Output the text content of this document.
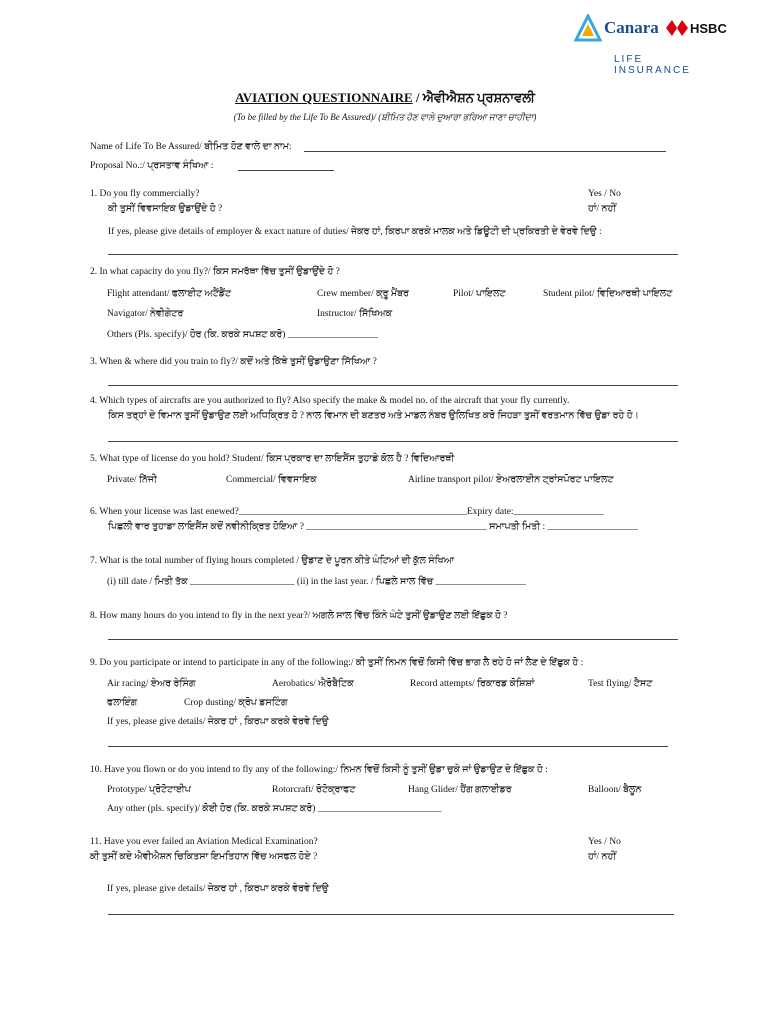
Canara HSBC
LIFE INSURANCE
AVIATION QUESTIONNAIRE / ਐਵੀਐਸ਼ਨ ਪ੍ਰਸ਼ਨਾਵਲੀ
(To be filled by the Life To Be Assured)/ (ਬੀਮਿਤ ਹੋਣ ਵਾਲੇ ਦੁਆਰਾ ਭਰਿਆ ਜਾਣਾ ਚਾਹੀਦਾ)
Name of Life To Be Assured/ ਬੀਮਿਤ ਹੋਣ ਵਾਲੇ ਦਾ ਨਾਮ:
Proposal No.:/ ਪ੍ਰਸਤਾਵ ਸੰਖਿਆ :
1. Do you fly commercially?	Yes / No
ਕੀ ਤੁਸੀਂ ਵਿਵਸਾਇਕ ਉਡਾਉਂਦੇ ਹੋ ?	ਹਾਂ/ ਨਹੀਂ
If yes, please give details of employer & exact nature of duties/ ਜੇਕਰ ਹਾਂ, ਕਿਰਪਾ ਕਰਕੇ ਮਾਲਕ ਅਤੇ ਡਿਊਟੀ ਦੀ ਪ੍ਰਕਿਰਤੀ ਦੇ ਵੇਰਵੇ ਦਿਉ :
2. In what capacity do you fly?/ ਕਿਸ ਸਮਰੱਥਾ ਵਿੱਚ ਤੁਸੀਂ ਉਡਾਉਂਦੇ ਹੋ ?
Flight attendant/ ਫਲਾਈਟ ਅਟੈਂਡੈਂਟ	Crew member/ ਕ੍ਰੂ ਮੈਂਬਰ	Pilot/ ਪਾਇਲਟ	Student pilot/ ਵਿਦਿਆਰਥੀ ਪਾਇਲਟ
Navigator/ ਨੇਵੀਗੇਟਰ	Instructor/ ਸਿੱਖਿਅਕ
Others (Pls. specify)/ ਹੋਰ (ਕਿ. ਕਰਕੇ ਸਪਸ਼ਟ ਕਰੋ) ___________________
3. When & where did you train to fly?/ ਕਦੋਂ ਅਤੇ ਕਿੱਥੇ ਤੁਸੀਂ ਉਡਾਉਣਾ ਸਿੱਖਿਆ ?
4. Which types of aircrafts are you authorized to fly? Also specify the make & model no. of the aircraft that your fly currently.
ਕਿਸ ਤਰ੍ਹਾਂ ਦੇ ਵਿਮਾਨ ਤੁਸੀਂ ਉਡਾਉਣ ਲਈ ਅਧਿਕ੍ਰਿਤ ਹੋ ? ਨਾਲ ਵਿਮਾਨ ਦੀ ਬਣਤਰ ਅਤੇ ਮਾਡਲ ਨੰਬਰ ਉਲਿਖਿਤ ਕਰੋ ਜਿਹੜਾ ਤੁਸੀਂ ਵਰਤਮਾਨ ਵਿੱਚ ਉਡਾ ਰਹੇ ਹੋ।
5. What type of license do you hold? Student/ ਕਿਸ ਪ੍ਰਕਾਰ ਦਾ ਲਾਇਸੈਂਸ ਤੁਹਾਡੇ ਕੋਲ ਹੈ ? ਵਿਦਿਆਰਥੀ
Private/ ਨਿੱਜੀ	Commercial/ ਵਿਵਸਾਇਕ	Airline transport pilot/ ਏਅਰਲਾਈਨ ਟ੍ਰਾਂਸਪੋਰਟ ਪਾਇਲਟ
6. When your license was last enewed?________________________________________________Expiry date:___________________
ਪਿਛਲੀ ਵਾਰ ਤੁਹਾਡਾ ਲਾਇਸੈਂਸ ਕਦੋਂ ਨਵੀਨੀਕ੍ਰਿਤ ਹੋਇਆ ? ______________________________________ ਸਮਾਪਤੀ ਮਿਤੀ : ___________________
7. What is the total number of flying hours completed / ਉਡਾਣ ਦੇ ਪੂਰਨ ਕੀਤੇ ਘੰਟਿਆਂ ਦੀ ਕੁੱਲ ਸੰਖਿਆ
(i) till date / ਮਿਤੀ ਤੱਕ ______________________ (ii) in the last year. / ਪਿਛਲੇ ਸਾਲ ਵਿੱਚ ___________________
8. How many hours do you intend to fly in the next year?/ ਅਗਲੇ ਸਾਲ ਵਿੱਚ ਕਿੰਨੇ ਘੰਟੇ ਤੁਸੀਂ ਉਡਾਉਣ ਲਈ ਇੱਛੁਕ ਹੋ ?
9. Do you participate or intend to participate in any of the following:/ ਕੀ ਤੁਸੀਂ ਨਿਮਨ ਵਿਚੋਂ ਕਿਸੀ ਵਿੱਚ ਭਾਗ ਲੈ ਰਹੇ ਹੋ ਜਾਂ ਲੈਣ ਦੇ ਇੱਛੁਕ ਹੋ :
Air racing/ ਏਅਰ ਰੇਸਿੰਗ	Aerobatics/ ਐਰੋਬੈਟਿਕ	Record attempts/ ਰਿਕਾਰਡ ਕੋਸ਼ਿਸ਼ਾਂ	Test flying/ ਟੈਸਟ
ਫਲਾਇੰਗ	Crop dusting/ ਕ੍ਰੋਪ ਡਸਟਿੰਗ
If yes, please give details/ ਜੇਕਰ ਹਾਂ , ਕਿਰਪਾ ਕਰਕੇ ਵੇਰਵੇ ਦਿਉ
10. Have you flown or do you intend to fly any of the following:/ ਨਿਮਨ ਵਿਚੋਂ ਕਿਸੀ ਨੂੰ ਤੁਸੀਂ ਉਡਾ ਚੁਕੇ ਜਾਂ ਉਡਾਉਣ ਦੇ ਇੱਛੁਕ ਹੋ :
Prototype/ ਪ੍ਰੋਟੋਟਾਈਪ	Rotorcraft/ ਰੋਟੋਕ੍ਰਾਫਟ	Hang Glider/ ਹੈਂਗ ਗਲਾਈਡਰ	Balloon/ ਬੈਲੂਨ
Any other (pls. specify)/ ਕੋਈ ਹੋਰ (ਕਿ. ਕਰਕੇ ਸਪਸ਼ਟ ਕਰੋ) __________________________
11. Have you ever failed an Aviation Medical Examination?	Yes / No
ਕੀ ਤੁਸੀਂ ਕਦੇ ਐਵੀਐਸ਼ਨ ਚਿਕਿਤਸਾ ਇਮਤਿਹਾਨ ਵਿੱਚ ਅਸਫਲ ਹੋਏ ?	ਹਾਂ/ ਨਹੀਂ
If yes, please give details/ ਜੇਕਰ ਹਾਂ , ਕਿਰਪਾ ਕਰਕੇ ਵੇਰਵੇ ਦਿਉ
